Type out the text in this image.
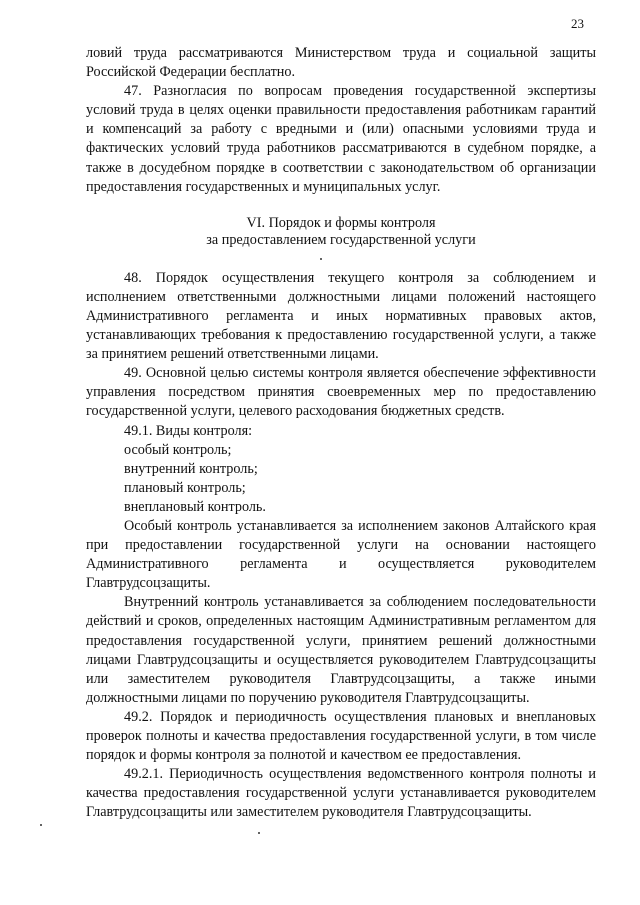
23

ловий труда рассматриваются Министерством труда и социальной защиты Российской Федерации бесплатно.

47. Разногласия по вопросам проведения государственной экспертизы условий труда в целях оценки правильности предоставления работникам гарантий и компенсаций за работу с вредными и (или) опасными условиями труда и фактических условий труда работников рассматриваются в судебном порядке, а также в досудебном порядке в соответствии с законодательством об организации предоставления государственных и муниципальных услуг.

VI. Порядок и формы контроля
за предоставлением государственной услуги

48. Порядок осуществления текущего контроля за соблюдением и исполнением ответственными должностными лицами положений настоящего Административного регламента и иных нормативных правовых актов, устанавливающих требования к предоставлению государственной услуги, а также за принятием решений ответственными лицами.

49. Основной целью системы контроля является обеспечение эффективности управления посредством принятия своевременных мер по предоставлению государственной услуги, целевого расходования бюджетных средств.

49.1. Виды контроля:

особый контроль;

внутренний контроль;

плановый контроль;

внеплановый контроль.

Особый контроль устанавливается за исполнением законов Алтайского края при предоставлении государственной услуги на основании настоящего Административного регламента и осуществляется руководителем Главтрудсоцзащиты.

Внутренний контроль устанавливается за соблюдением последовательности действий и сроков, определенных настоящим Административным регламентом для предоставления государственной услуги, принятием решений должностными лицами Главтрудсоцзащиты и осуществляется руководителем Главтрудсоцзащиты или заместителем руководителя Главтрудсоцзащиты, а также иными должностными лицами по поручению руководителя Главтрудсоцзащиты.

49.2. Порядок и периодичность осуществления плановых и внеплановых проверок полноты и качества предоставления государственной услуги, в том числе порядок и формы контроля за полнотой и качеством ее предоставления.

49.2.1. Периодичность осуществления ведомственного контроля полноты и качества предоставления государственной услуги устанавливается руководителем Главтрудсоцзащиты или заместителем руководителя Главтрудсоцзащиты.
